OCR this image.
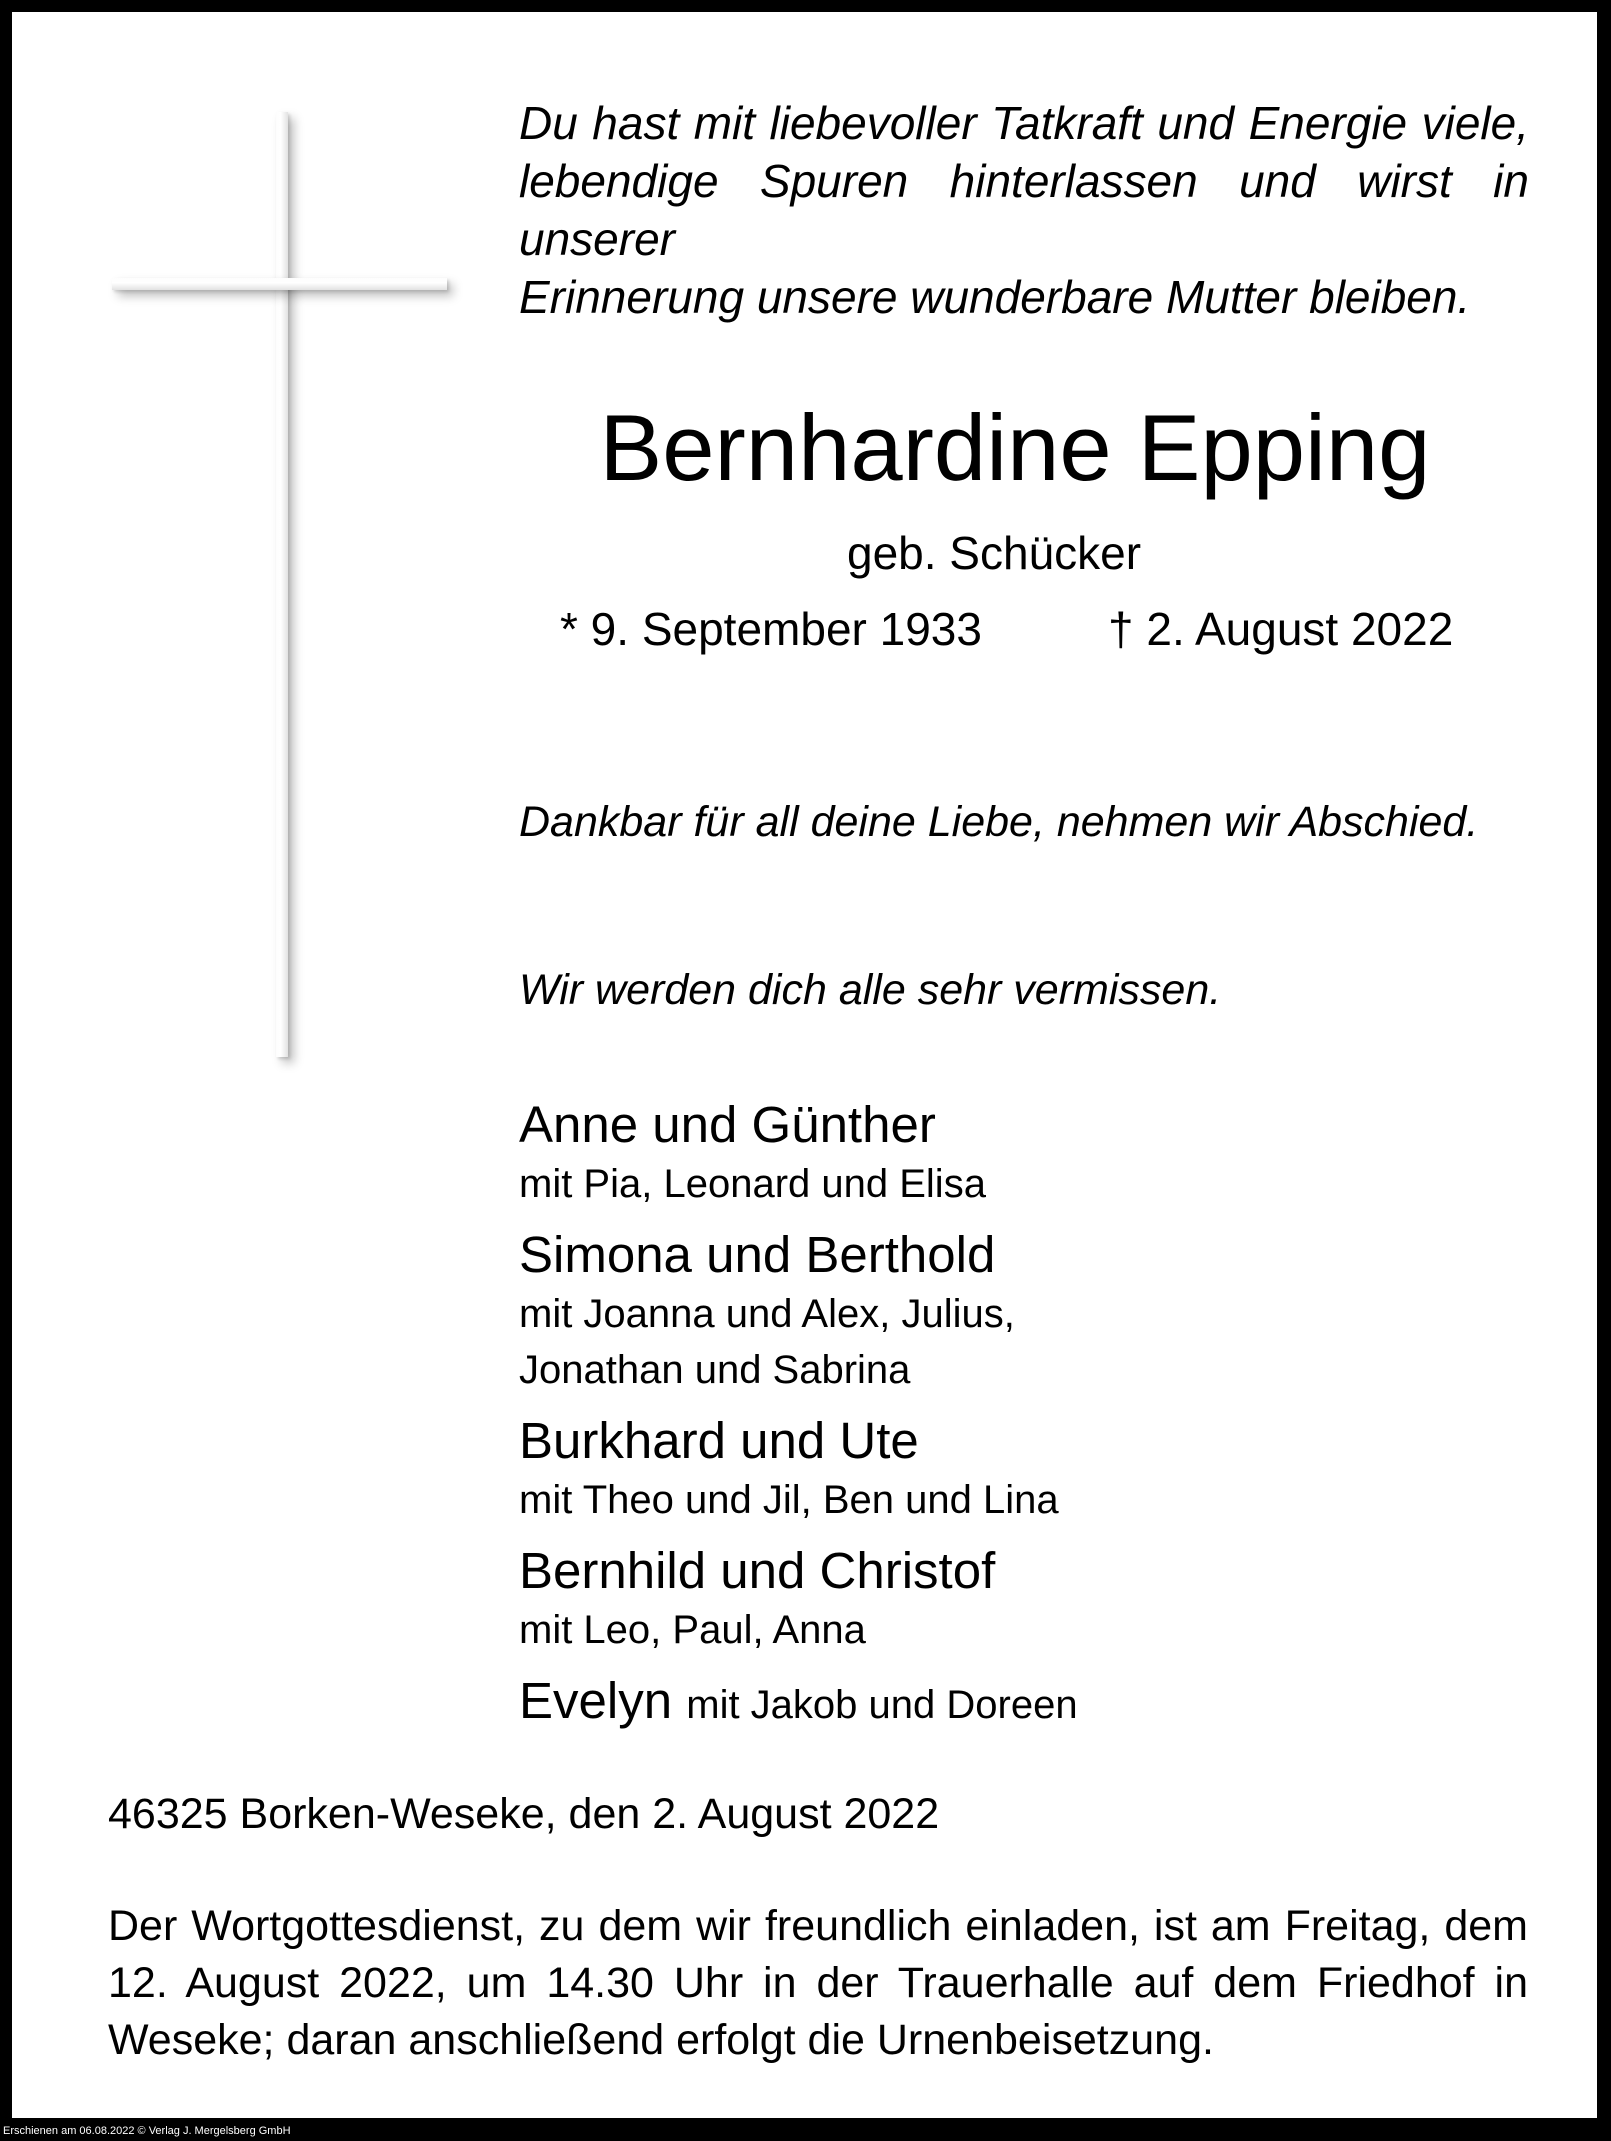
Du hast mit liebevoller Tatkraft und Energie viele,
lebendige Spuren hinterlassen und wirst in unserer
Erinnerung unsere wunderbare Mutter bleiben.

Bernhardine Epping

geb. Schücker

* 9. September 1933	† 2. August 2022

Dankbar für all deine Liebe, nehmen wir Abschied.

Wir werden dich alle sehr vermissen.

Anne und Günther
mit Pia, Leonard und Elisa
Simona und Berthold
mit Joanna und Alex, Julius,
Jonathan und Sabrina
Burkhard und Ute
mit Theo und Jil, Ben und Lina
Bernhild und Christof
mit Leo, Paul, Anna
Evelyn mit Jakob und Doreen

46325 Borken-Weseke, den 2. August 2022

Der Wortgottesdienst, zu dem wir freundlich einladen, ist am Freitag, dem
12. August 2022, um 14.30 Uhr in der Trauerhalle auf dem Friedhof in
Weseke; daran anschließend erfolgt die Urnenbeisetzung.
Erschienen am 06.08.2022 © Verlag J. Mergelsberg GmbH
